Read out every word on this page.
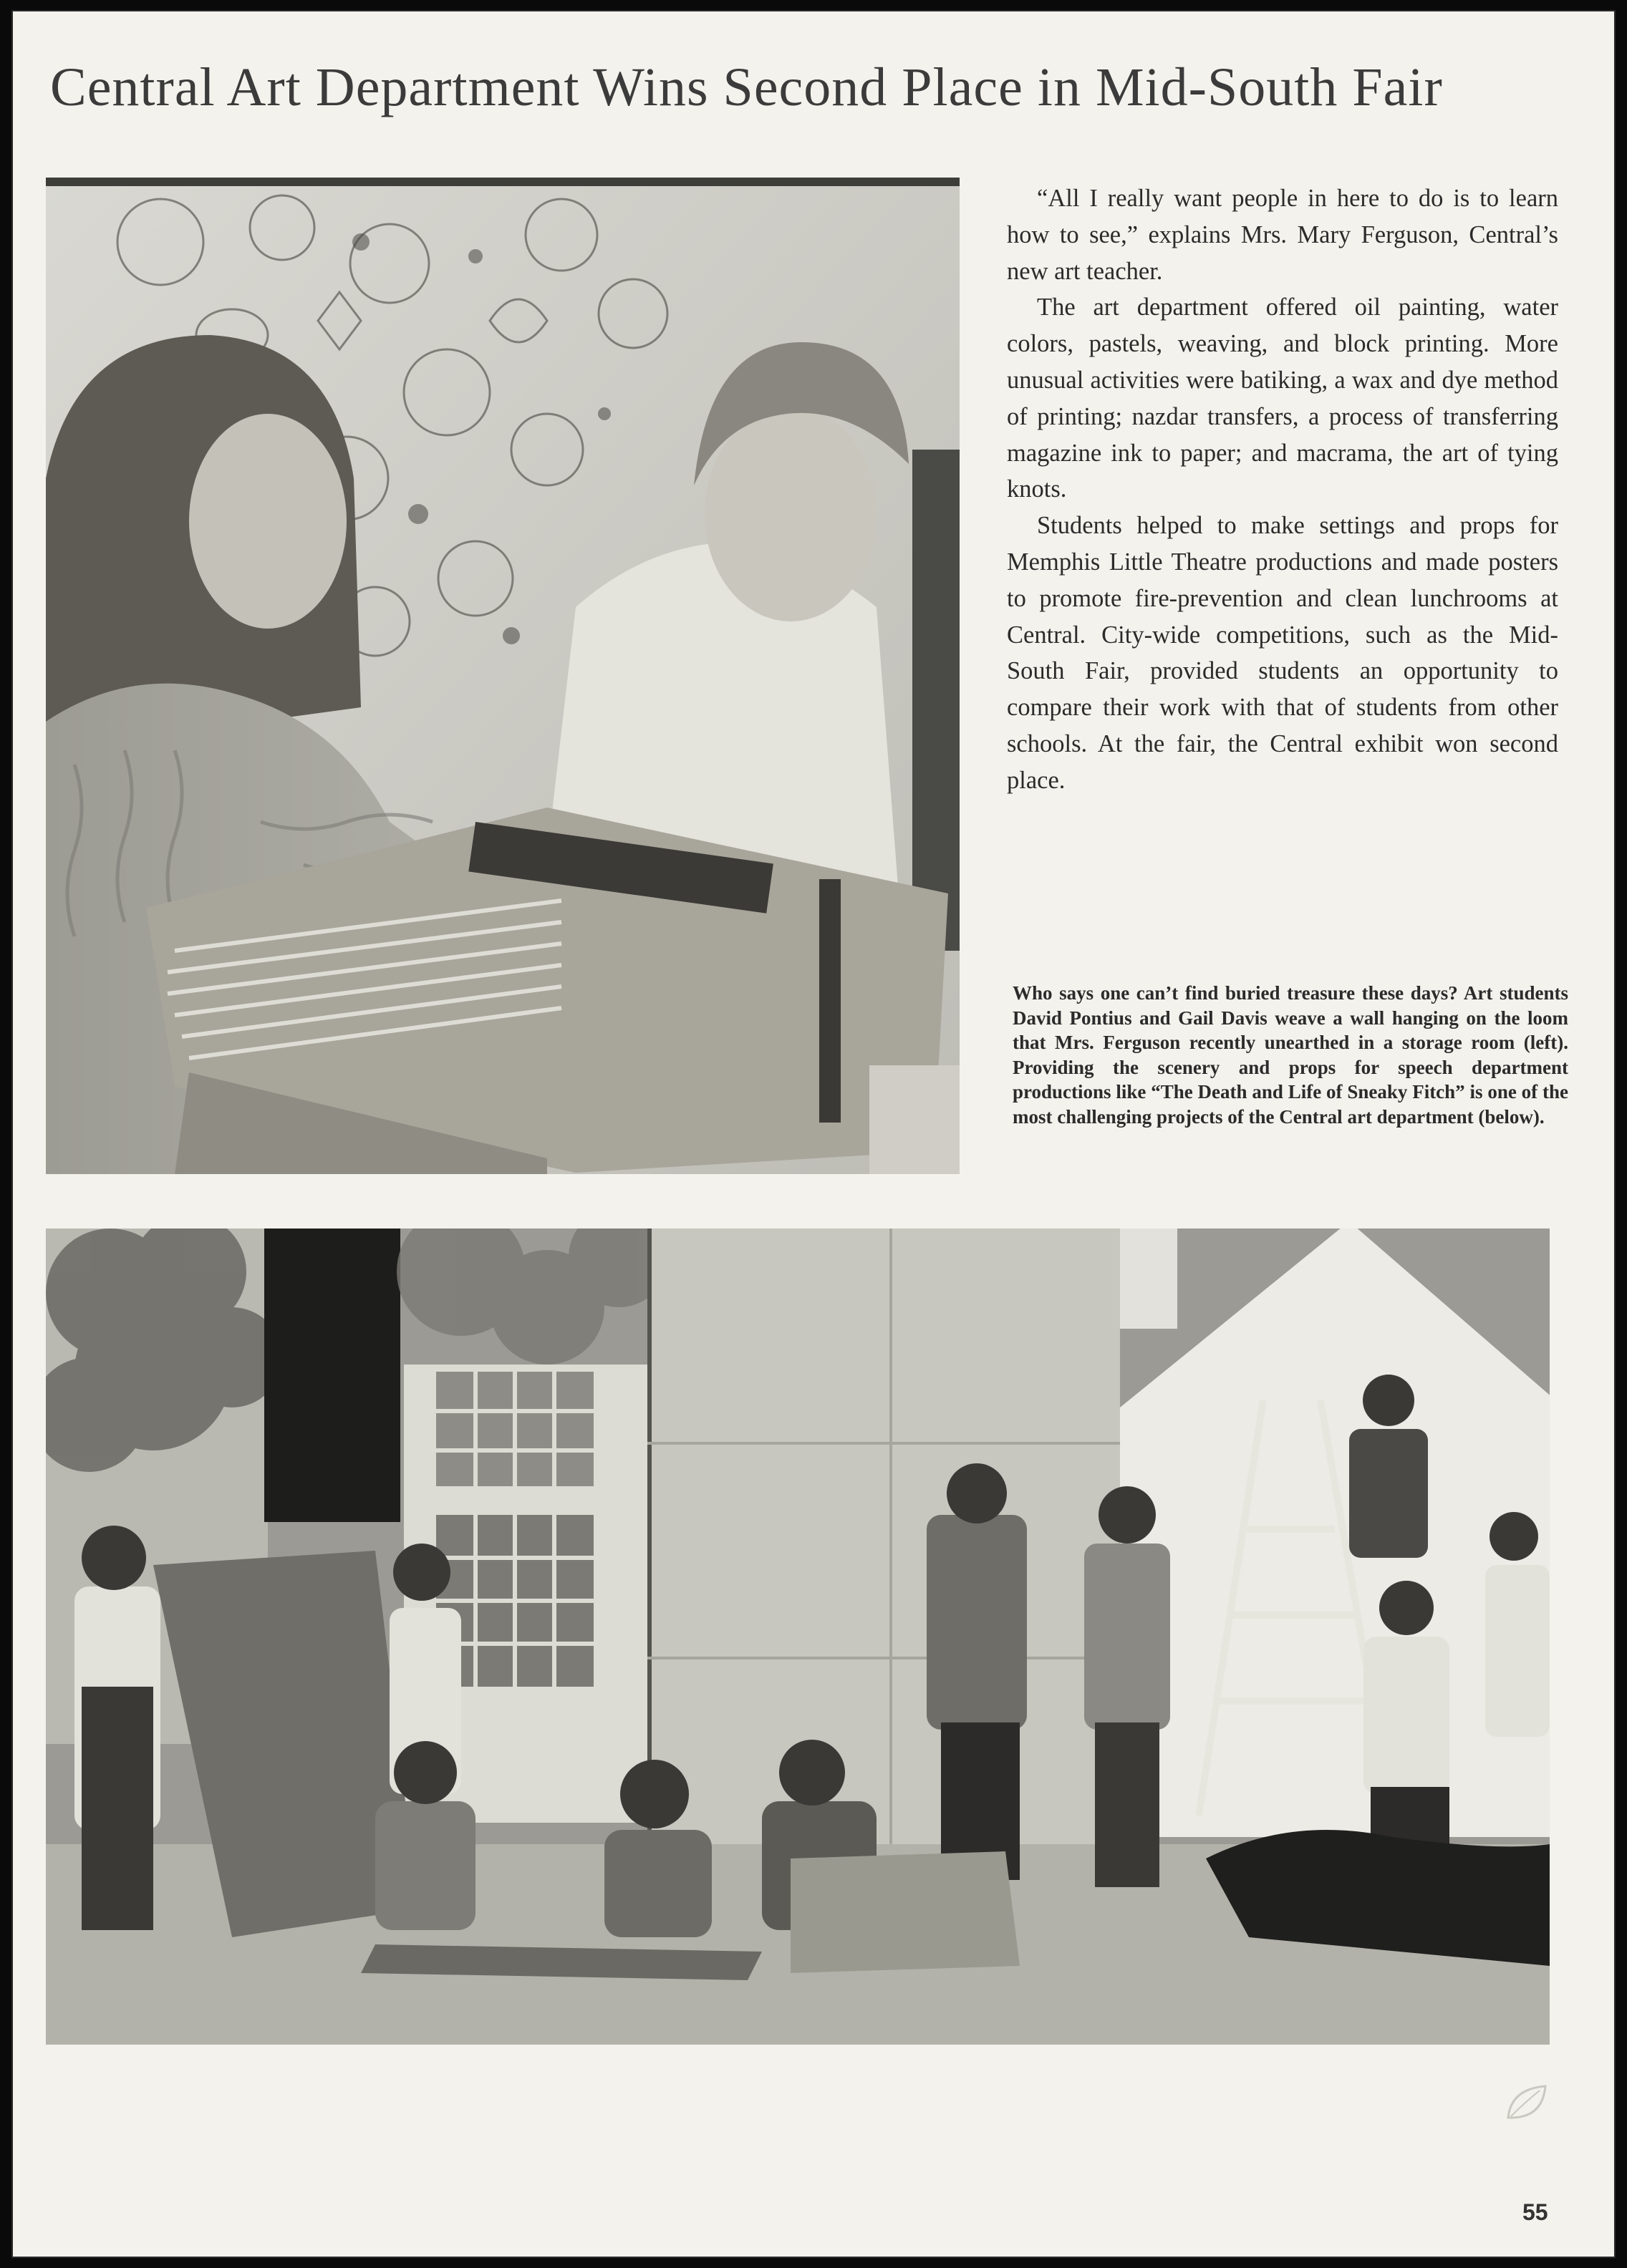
Central Art Department Wins Second Place in Mid-South Fair

“All I really want people in here to do is to learn how to see,” explains Mrs. Mary Ferguson, Central’s new art teacher.

The art department offered oil painting, water colors, pastels, weaving, and block printing. More unusual activities were batiking, a wax and dye method of printing; nazdar transfers, a process of transferring magazine ink to paper; and macrama, the art of tying knots.

Students helped to make settings and props for Memphis Little Theatre productions and made posters to promote fire-prevention and clean lunchrooms at Central. City-wide competitions, such as the Mid-South Fair, provided students an opportunity to compare their work with that of students from other schools. At the fair, the Central exhibit won second place.

Who says one can’t find buried treasure these days? Art students David Pontius and Gail Davis weave a wall hanging on the loom that Mrs. Ferguson recently unearthed in a storage room (left). Providing the scenery and props for speech department productions like “The Death and Life of Sneaky Fitch” is one of the most challenging projects of the Central art department (below).
55
